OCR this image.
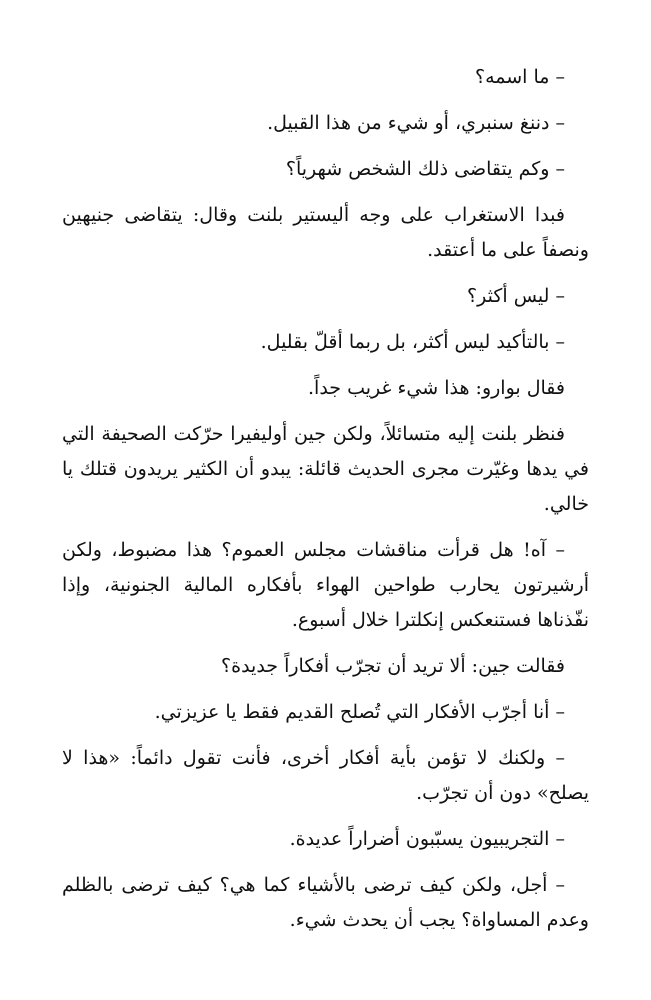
– ما اسمه؟

– دننغ سنبري، أو شيء من هذا القبيل.

– وكم يتقاضى ذلك الشخص شهرياً؟

فبدا الاستغراب على وجه أليستير بلنت وقال: يتقاضى جنيهين ونصفاً على ما أعتقد.

– ليس أكثر؟

– بالتأكيد ليس أكثر، بل ربما أقلّ بقليل.

فقال بوارو: هذا شيء غريب جداً.

فنظر بلنت إليه متسائلاً، ولكن جين أوليفيرا حرّكت الصحيفة التي في يدها وغيّرت مجرى الحديث قائلة: يبدو أن الكثير يريدون قتلك يا خالي.

– آه! هل قرأت مناقشات مجلس العموم؟ هذا مضبوط، ولكن أرشيرتون يحارب طواحين الهواء بأفكاره المالية الجنونية، وإذا نفّذناها فستنعكس إنكلترا خلال أسبوع.

فقالت جين: ألا تريد أن تجرّب أفكاراً جديدة؟

– أنا أجرّب الأفكار التي تُصلح القديم فقط يا عزيزتي.

– ولكنك لا تؤمن بأية أفكار أخرى، فأنت تقول دائماً: «هذا لا يصلح» دون أن تجرّب.

– التجريبيون يسبّبون أضراراً عديدة.

– أجل، ولكن كيف ترضى بالأشياء كما هي؟ كيف ترضى بالظلم وعدم المساواة؟ يجب أن يحدث شيء.
